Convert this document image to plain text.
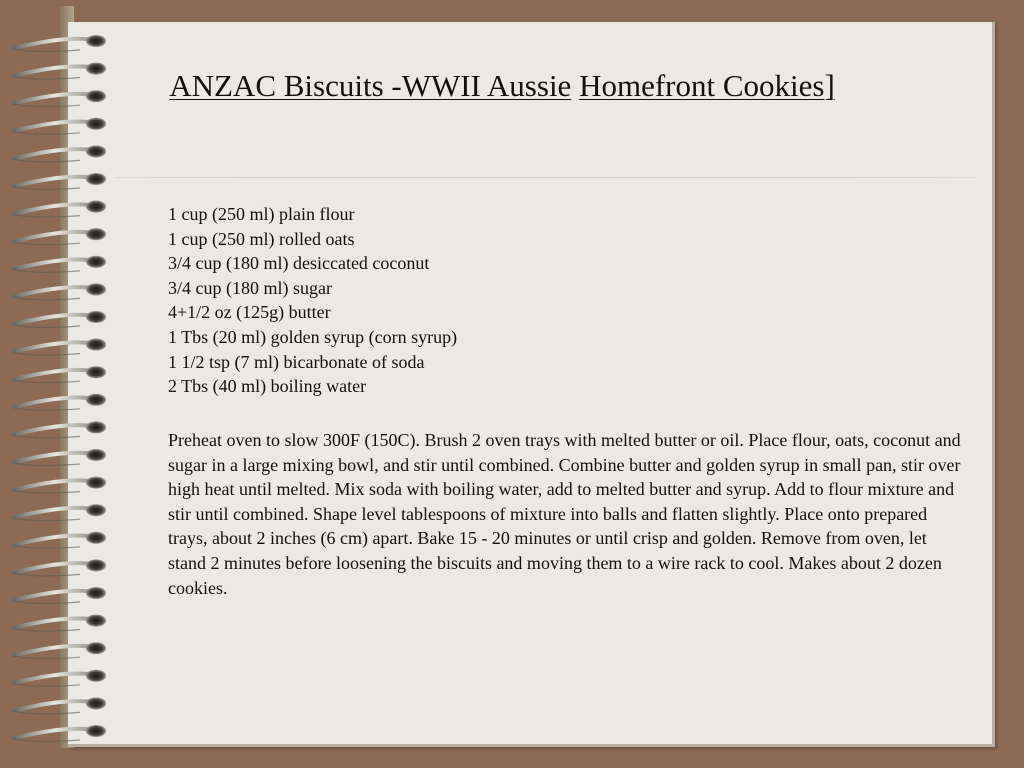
ANZAC Biscuits -WWII Aussie Homefront Cookies]
1 cup (250 ml) plain flour
1 cup (250 ml) rolled oats
3/4 cup (180 ml) desiccated coconut
3/4 cup (180 ml) sugar
4+1/2 oz (125g) butter
1 Tbs (20 ml) golden syrup (corn syrup)
1 1/2 tsp (7 ml) bicarbonate of soda
2 Tbs (40 ml) boiling water

Preheat oven to slow 300F (150C). Brush 2 oven trays with melted butter or oil. Place flour, oats, coconut and sugar in a large mixing bowl, and stir until combined. Combine butter and golden syrup in small pan, stir over high heat until melted. Mix soda with boiling water, add to melted butter and syrup. Add to flour mixture and stir until combined. Shape level tablespoons of mixture into balls and flatten slightly. Place onto prepared trays, about 2 inches (6 cm) apart. Bake 15 - 20 minutes or until crisp and golden. Remove from oven, let stand 2 minutes before loosening the biscuits and moving them to a wire rack to cool. Makes about 2 dozen cookies.
